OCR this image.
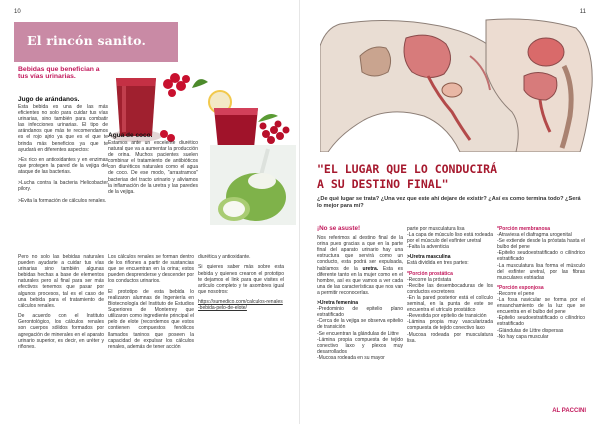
10
El rincón sanito.
Bebidas que benefician a tus vías urinarias.
Jugo de arándanos.

Esta bebida es una de las más eficientes no solo para cuidar tus vías urinarias, sino también para combatir las infecciones urinarias. El tipo de arándanos que más te recomendamos es el rojo ajrio ya que es el que te brinda más beneficios ya que te ayudará en diferentes aspectos:

>Es rico en antioxidantes y en enzimas que protegen la pared de la vejiga del ataque de las bacterias.

>Lucha contra la bacteria Helicobacter pilory.

>Evita la formación de cálculos renales.

Agua de coco.
Estamos ante un excelente diurético natural que va a aumentar la producción de orina. Muchos pacientes suelen combinar el tratamiento de antibióticos con diuréticos naturales como el agua de coco. De ese modo, "arrastramos" bacterias del tracto urinario y aliviamos la inflamación de la uretra y las paredes de la vejiga.

Pero no solo las bebidas naturales pueden ayudarte a cuidar tus vías urinarias sino también algunas bebidas hechas a base de elementos naturales pero al final para ser más efectivos tenemos que pasar por algunos procesos, tal es el caso de una bebida para el tratamiento de cálculos renales.

De acuerdo con el Instituto Gerontológico, los cálculos renales son cuerpos sólidos formados por agregación de minerales en el aparato urinario superior, es decir, en uréter y riñones.

Los cálculos renales se forman dentro de los riñones a partir de sustancias que se encuentran en la orina; estos pueden desprenderse y descender por los conductos urinarios.

El prototipo de esta bebida lo realizaron alumnas de Ingeniería en Biotecnología del Instituto de Estudios Superiores de Monterrey que utilizaron como ingrediente principal el pelo de elote (recordemos que estos contienen compuestos fenólicos llamados taninos que poseen la capacidad de expulsar los cálculos renales, además de tener acción

diurética y antioxidante.

Si quieres saber más sobre esta bebida y quienes crearon el prototipo te dejamos el link para que visites el artículo completo y te asombres igual que nosotros:

https://sumedico.com/calculos-renales-bebida-pelo-de-elote/

11
"EL LUGAR QUE LO CONDUCIRÁ
A SU DESTINO FINAL"
¿De qué lugar se trata? ¿Una vez que este ahí dejare de existir? ¿Así es como termina todo? ¿Será lo mejor para mí?
¡No se asuste!
Nos referimos al destino final de la orina pues gracias a que en la parte final del aparato urinario hay una estructura que servirá como un conducto, esta podrá ser expulsada, hablamos de la uretra. Esta es diferente tanto en la mujer como en el hombre, así es que vamos a ver cada una de las características que nos van a permitir reconocerlas.
>Uretra femenina
-Predominio de epitelio plano estratificado
-Cerca de la vejiga se observa epitelio de transición
-Se encuentran la glándulas de Littre
-Lámina propia compuesta de tejido conectivo laxo y plexos muy desarrollados
-Mucosa rodeada en su mayor
parte por musculatura lisa
-La capa de músculo liso está rodeada por el músculo del esfínter uretral
-Falta la adventicia
>Uretra masculina
Está dividida en tres partes:
*Porción prostática
-Recorre la próstata
-Recibe las desembocaduras de los conductos excretores
-En la pared posterior está el colículo seminal, en la punta de este se encuentra el utrículo prostático
-Revestida por epitelio de transición
-Lámina propia muy vascularizada compuesta de tejido conectivo laxo
-Mucosa rodeada por musculatura lisa.
*Porción membranosa
-Atraviesa el diafragma urogenital
-Se extiende desde la próstata hasta el bulbo del pene
-Epitelio seudoestratificado o cilíndrico estratificado
-La musculatura lisa forma el músculo del esfínter uretral, por las fibras musculares estriadas
*Porción esponjosa
-Recorre el pene
-La fosa navicular se forma por el ensanchamiento de la luz que se encuentra en el bulbo del pene
-Epitelio seudoestratificado o cilíndrico estratificado
-Glándulas de Littre dispersas
-No hay capa muscular
AL PACCINI
